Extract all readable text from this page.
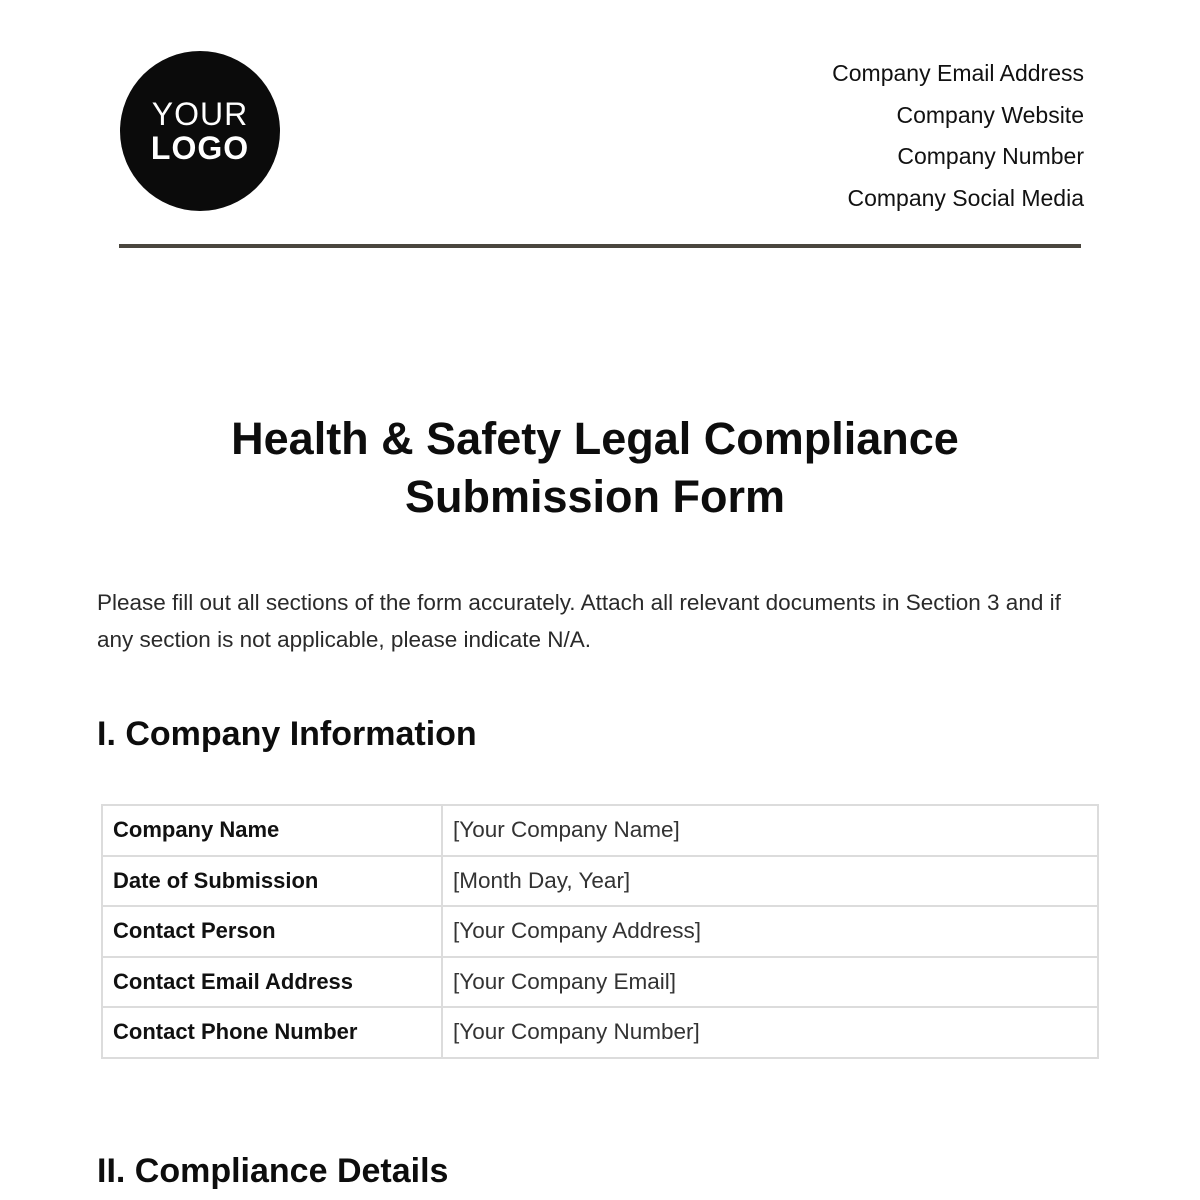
YOUR
LOGO
Company Email Address
Company Website
Company Number
Company Social Media
Health & Safety Legal Compliance
Submission Form

Please fill out all sections of the form accurately. Attach all relevant documents in Section 3 and if any section is not applicable, please indicate N/A.

I. Company Information
Company Name	[Your Company Name]
Date of Submission	[Month Day, Year]
Contact Person	[Your Company Address]
Contact Email Address	[Your Company Email]
Contact Phone Number	[Your Company Number]
II. Compliance Details
